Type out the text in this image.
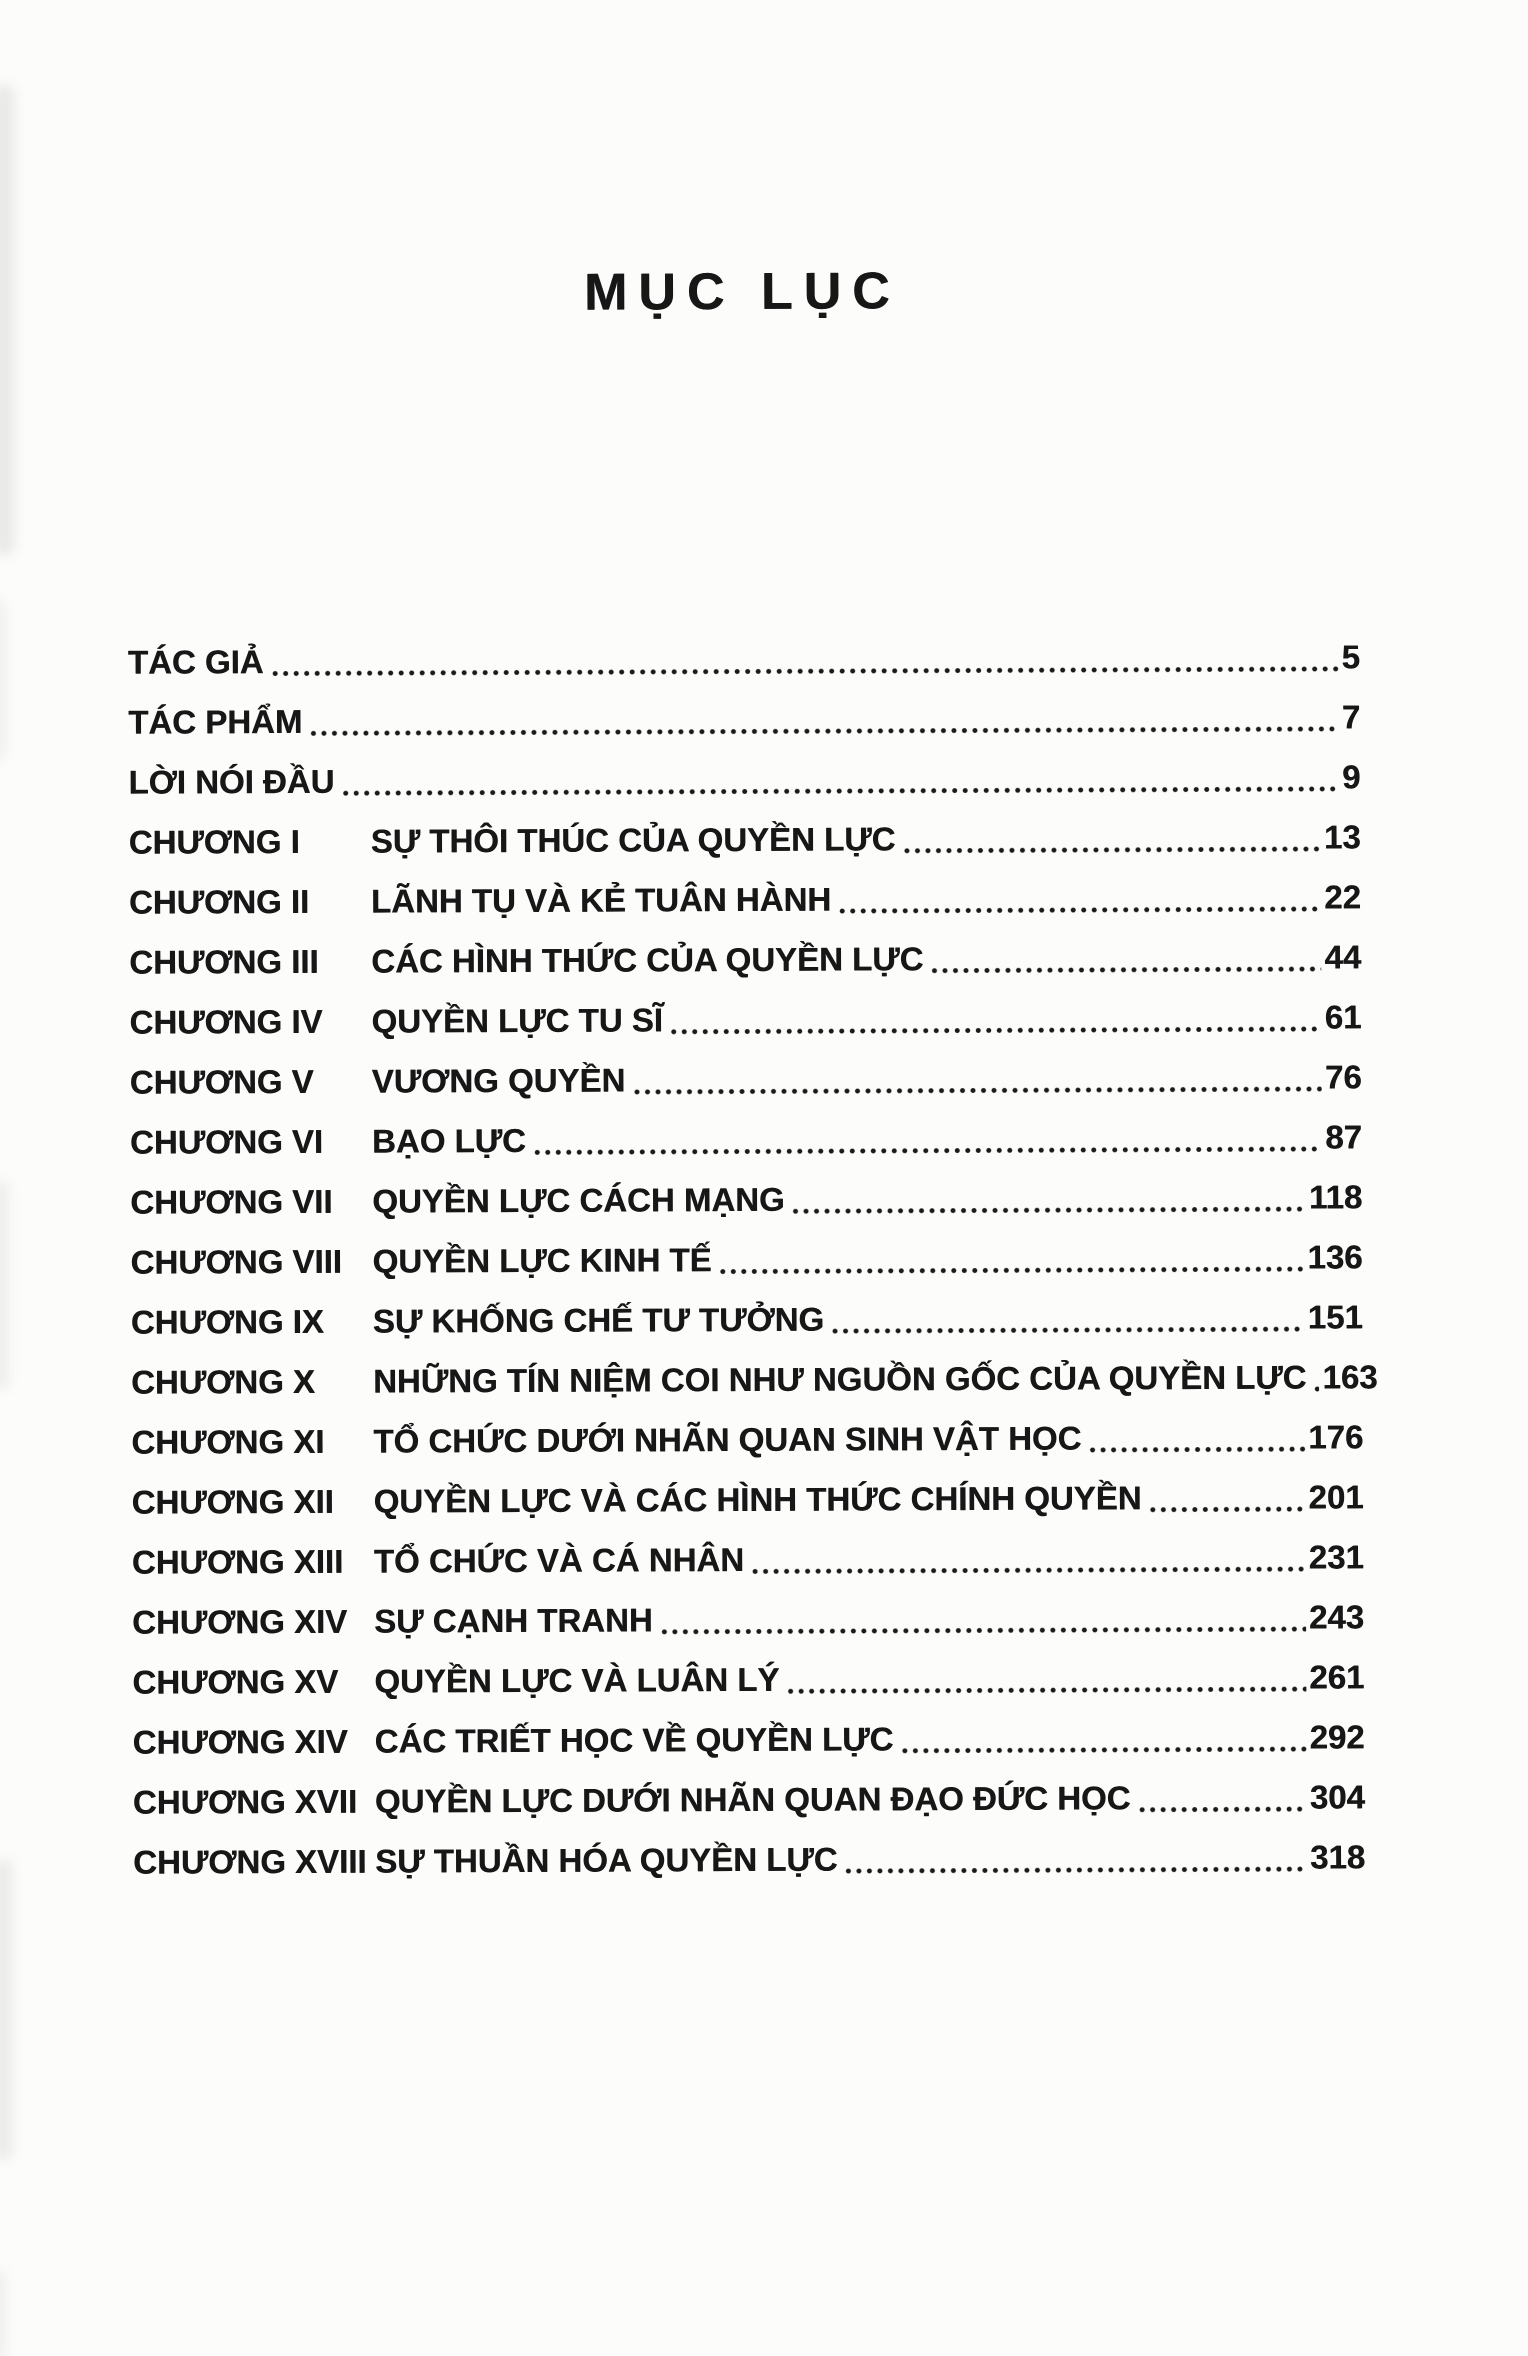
MỤC LỤC
TÁC GIẢ	5
TÁC PHẨM	7
LỜI NÓI ĐẦU	9
CHƯƠNG I	SỰ THÔI THÚC CỦA QUYỀN LỰC	13
CHƯƠNG II	LÃNH TỤ VÀ KẺ TUÂN HÀNH	22
CHƯƠNG III	CÁC HÌNH THỨC CỦA QUYỀN LỰC	44
CHƯƠNG IV	QUYỀN LỰC TU SĨ	61
CHƯƠNG V	VƯƠNG QUYỀN	76
CHƯƠNG VI	BẠO LỰC	87
CHƯƠNG VII	QUYỀN LỰC CÁCH MẠNG	118
CHƯƠNG VIII QUYỀN LỰC KINH TẾ	136
CHƯƠNG IX	SỰ KHỐNG CHẾ TƯ TƯỞNG	151
CHƯƠNG X	NHỮNG TÍN NIỆM COI NHƯ NGUỒN GỐC CỦA QUYỀN LỰC 163
CHƯƠNG XI	TỔ CHỨC DƯỚI NHÃN QUAN SINH VẬT HỌC	176
CHƯƠNG XII	QUYỀN LỰC VÀ CÁC HÌNH THỨC CHÍNH QUYỀN	201
CHƯƠNG XIII TỔ CHỨC VÀ CÁ NHÂN	231
CHƯƠNG XIV SỰ CẠNH TRANH	243
CHƯƠNG XV	QUYỀN LỰC VÀ LUÂN LÝ	261
CHƯƠNG XIV CÁC TRIẾT HỌC VỀ QUYỀN LỰC	292
CHƯƠNG XVII QUYỀN LỰC DƯỚI NHÃN QUAN ĐẠO ĐỨC HỌC	304
CHƯƠNG XVIII SỰ THUẦN HÓA QUYỀN LỰC	318
